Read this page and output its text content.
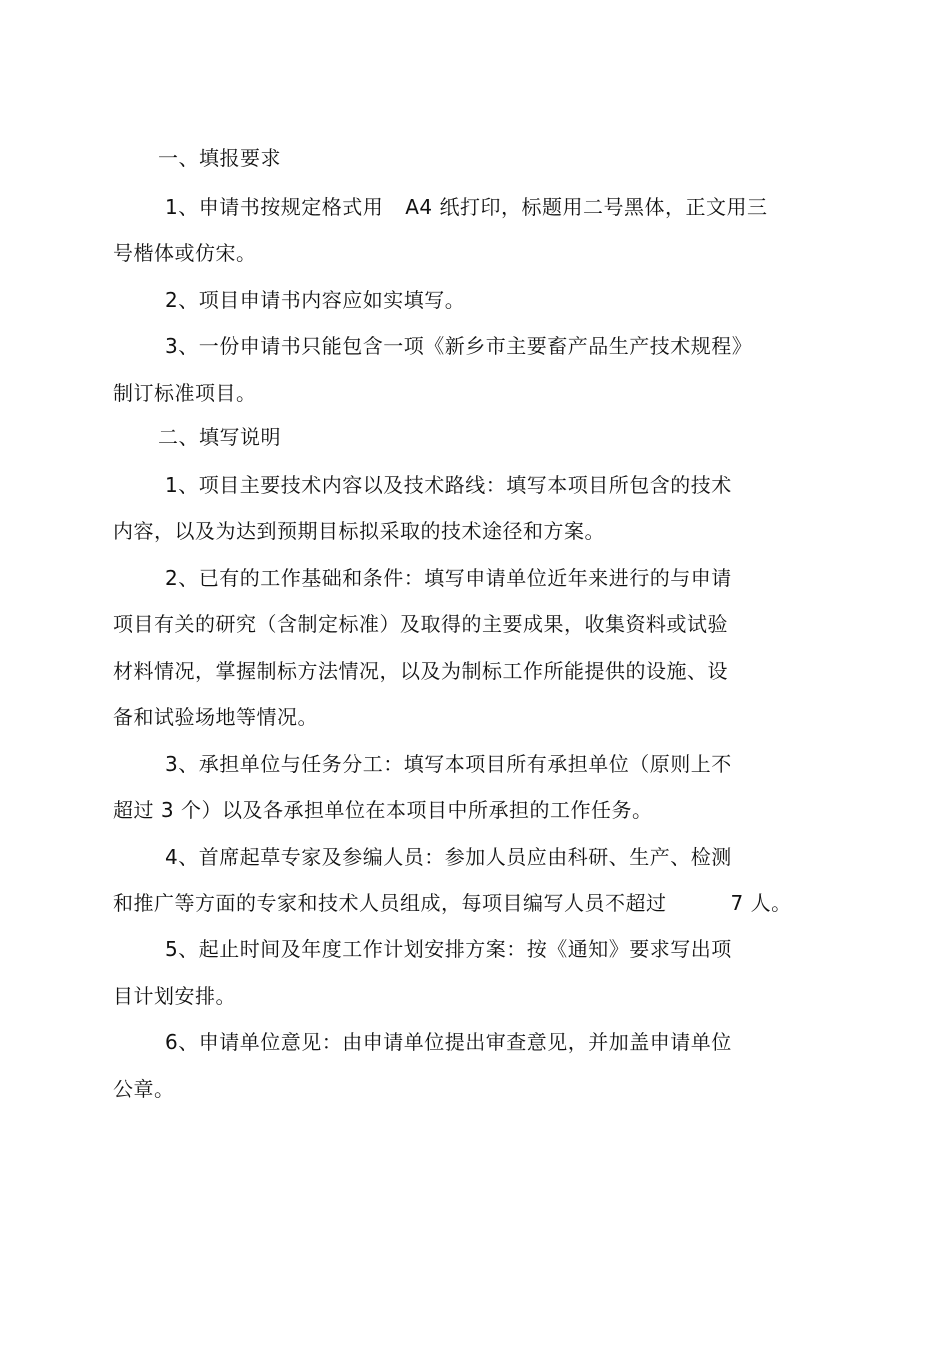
一、填报要求
1、申请书按规定格式用 A4 纸打印，标题用二号黑体，正文用三
号楷体或仿宋。
2、项目申请书内容应如实填写。
3、一份申请书只能包含一项《新乡市主要畜产品生产技术规程》
制订标准项目。
二、填写说明
1、项目主要技术内容以及技术路线：填写本项目所包含的技术
内容，以及为达到预期目标拟采取的技术途径和方案。
2、已有的工作基础和条件：填写申请单位近年来进行的与申请
项目有关的研究（含制定标准）及取得的主要成果，收集资料或试验
材料情况，掌握制标方法情况，以及为制标工作所能提供的设施、设
备和试验场地等情况。
3、承担单位与任务分工：填写本项目所有承担单位（原则上不
超过 3 个）以及各承担单位在本项目中所承担的工作任务。
4、首席起草专家及参编人员：参加人员应由科研、生产、检测
和推广等方面的专家和技术人员组成，每项目编写人员不超过	7 人。
5、起止时间及年度工作计划安排方案：按《通知》要求写出项
目计划安排。
6、申请单位意见：由申请单位提出审查意见，并加盖申请单位
公章。
